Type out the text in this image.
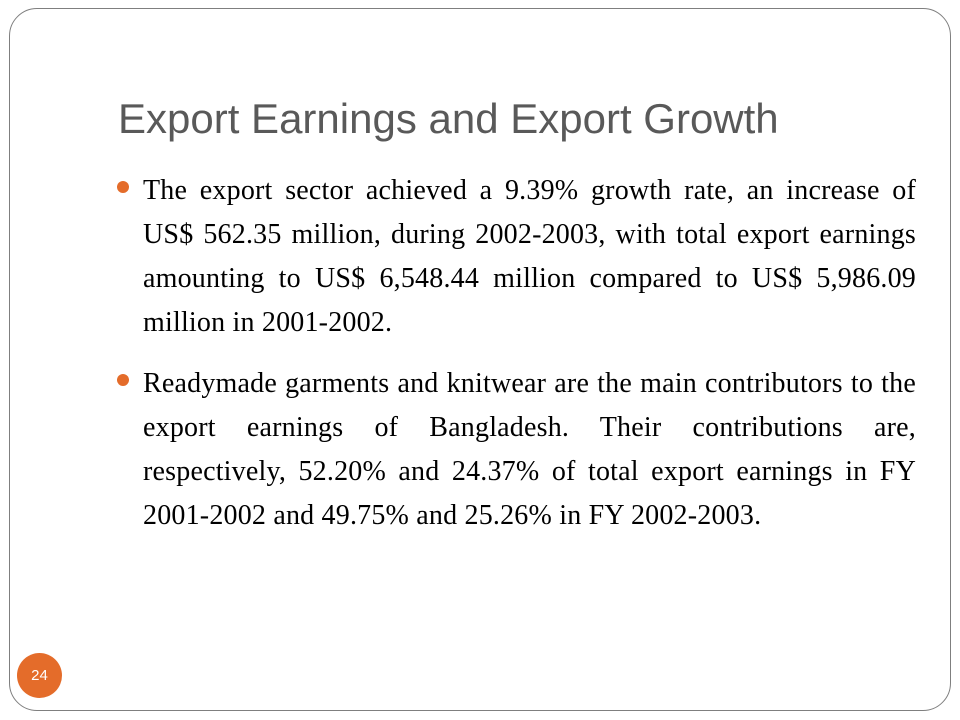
Export Earnings and Export Growth
The export sector achieved a 9.39% growth rate, an increase of US$ 562.35 million, during 2002-2003, with total export earnings amounting to US$ 6,548.44 million compared to US$ 5,986.09 million in 2001-2002.
Readymade garments and knitwear are the main contributors to the export earnings of Bangladesh. Their contributions are, respectively, 52.20% and 24.37% of total export earnings in FY 2001-2002 and 49.75% and 25.26% in FY 2002-2003.
24
